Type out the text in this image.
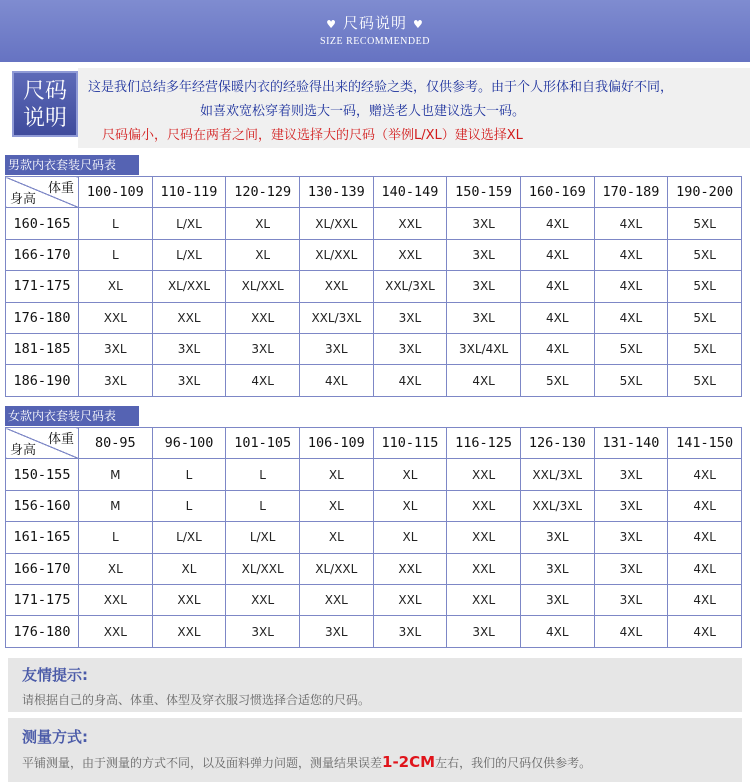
♥ 尺码说明 ♥
SIZE RECOMMENDED
尺码
说明
这是我们总结多年经营保暖内衣的经验得出来的经验之类，仅供参考。由于个人形体和自我偏好不同，
如喜欢宽松穿着则选大一码，赠送老人也建议选大一码。
尺码偏小，尺码在两者之间，建议选择大的尺码（举例L/XL）建议选择XL
男款内衣套装尺码表
体重
身高	100-109	110-119	120-129	130-139	140-149	150-159	160-169	170-189	190-200
160-165	L	L/XL	XL	XL/XXL	XXL	3XL	4XL	4XL	5XL
166-170	L	L/XL	XL	XL/XXL	XXL	3XL	4XL	4XL	5XL
171-175	XL	XL/XXL	XL/XXL	XXL	XXL/3XL	3XL	4XL	4XL	5XL
176-180	XXL	XXL	XXL	XXL/3XL	3XL	3XL	4XL	4XL	5XL
181-185	3XL	3XL	3XL	3XL	3XL	3XL/4XL	4XL	5XL	5XL
186-190	3XL	3XL	4XL	4XL	4XL	4XL	5XL	5XL	5XL
女款内衣套装尺码表
体重
身高	80-95	96-100	101-105	106-109	110-115	116-125	126-130	131-140	141-150
150-155	M	L	L	XL	XL	XXL	XXL/3XL	3XL	4XL
156-160	M	L	L	XL	XL	XXL	XXL/3XL	3XL	4XL
161-165	L	L/XL	L/XL	XL	XL	XXL	3XL	3XL	4XL
166-170	XL	XL	XL/XXL	XL/XXL	XXL	XXL	3XL	3XL	4XL
171-175	XXL	XXL	XXL	XXL	XXL	XXL	3XL	3XL	4XL
176-180	XXL	XXL	3XL	3XL	3XL	3XL	4XL	4XL	4XL
友情提示:
请根据自己的身高、体重、体型及穿衣服习惯选择合适您的尺码。
测量方式:
平铺测量，由于测量的方式不同，以及面料弹力问题，测量结果误差1-2CM左右，我们的尺码仅供参考。
